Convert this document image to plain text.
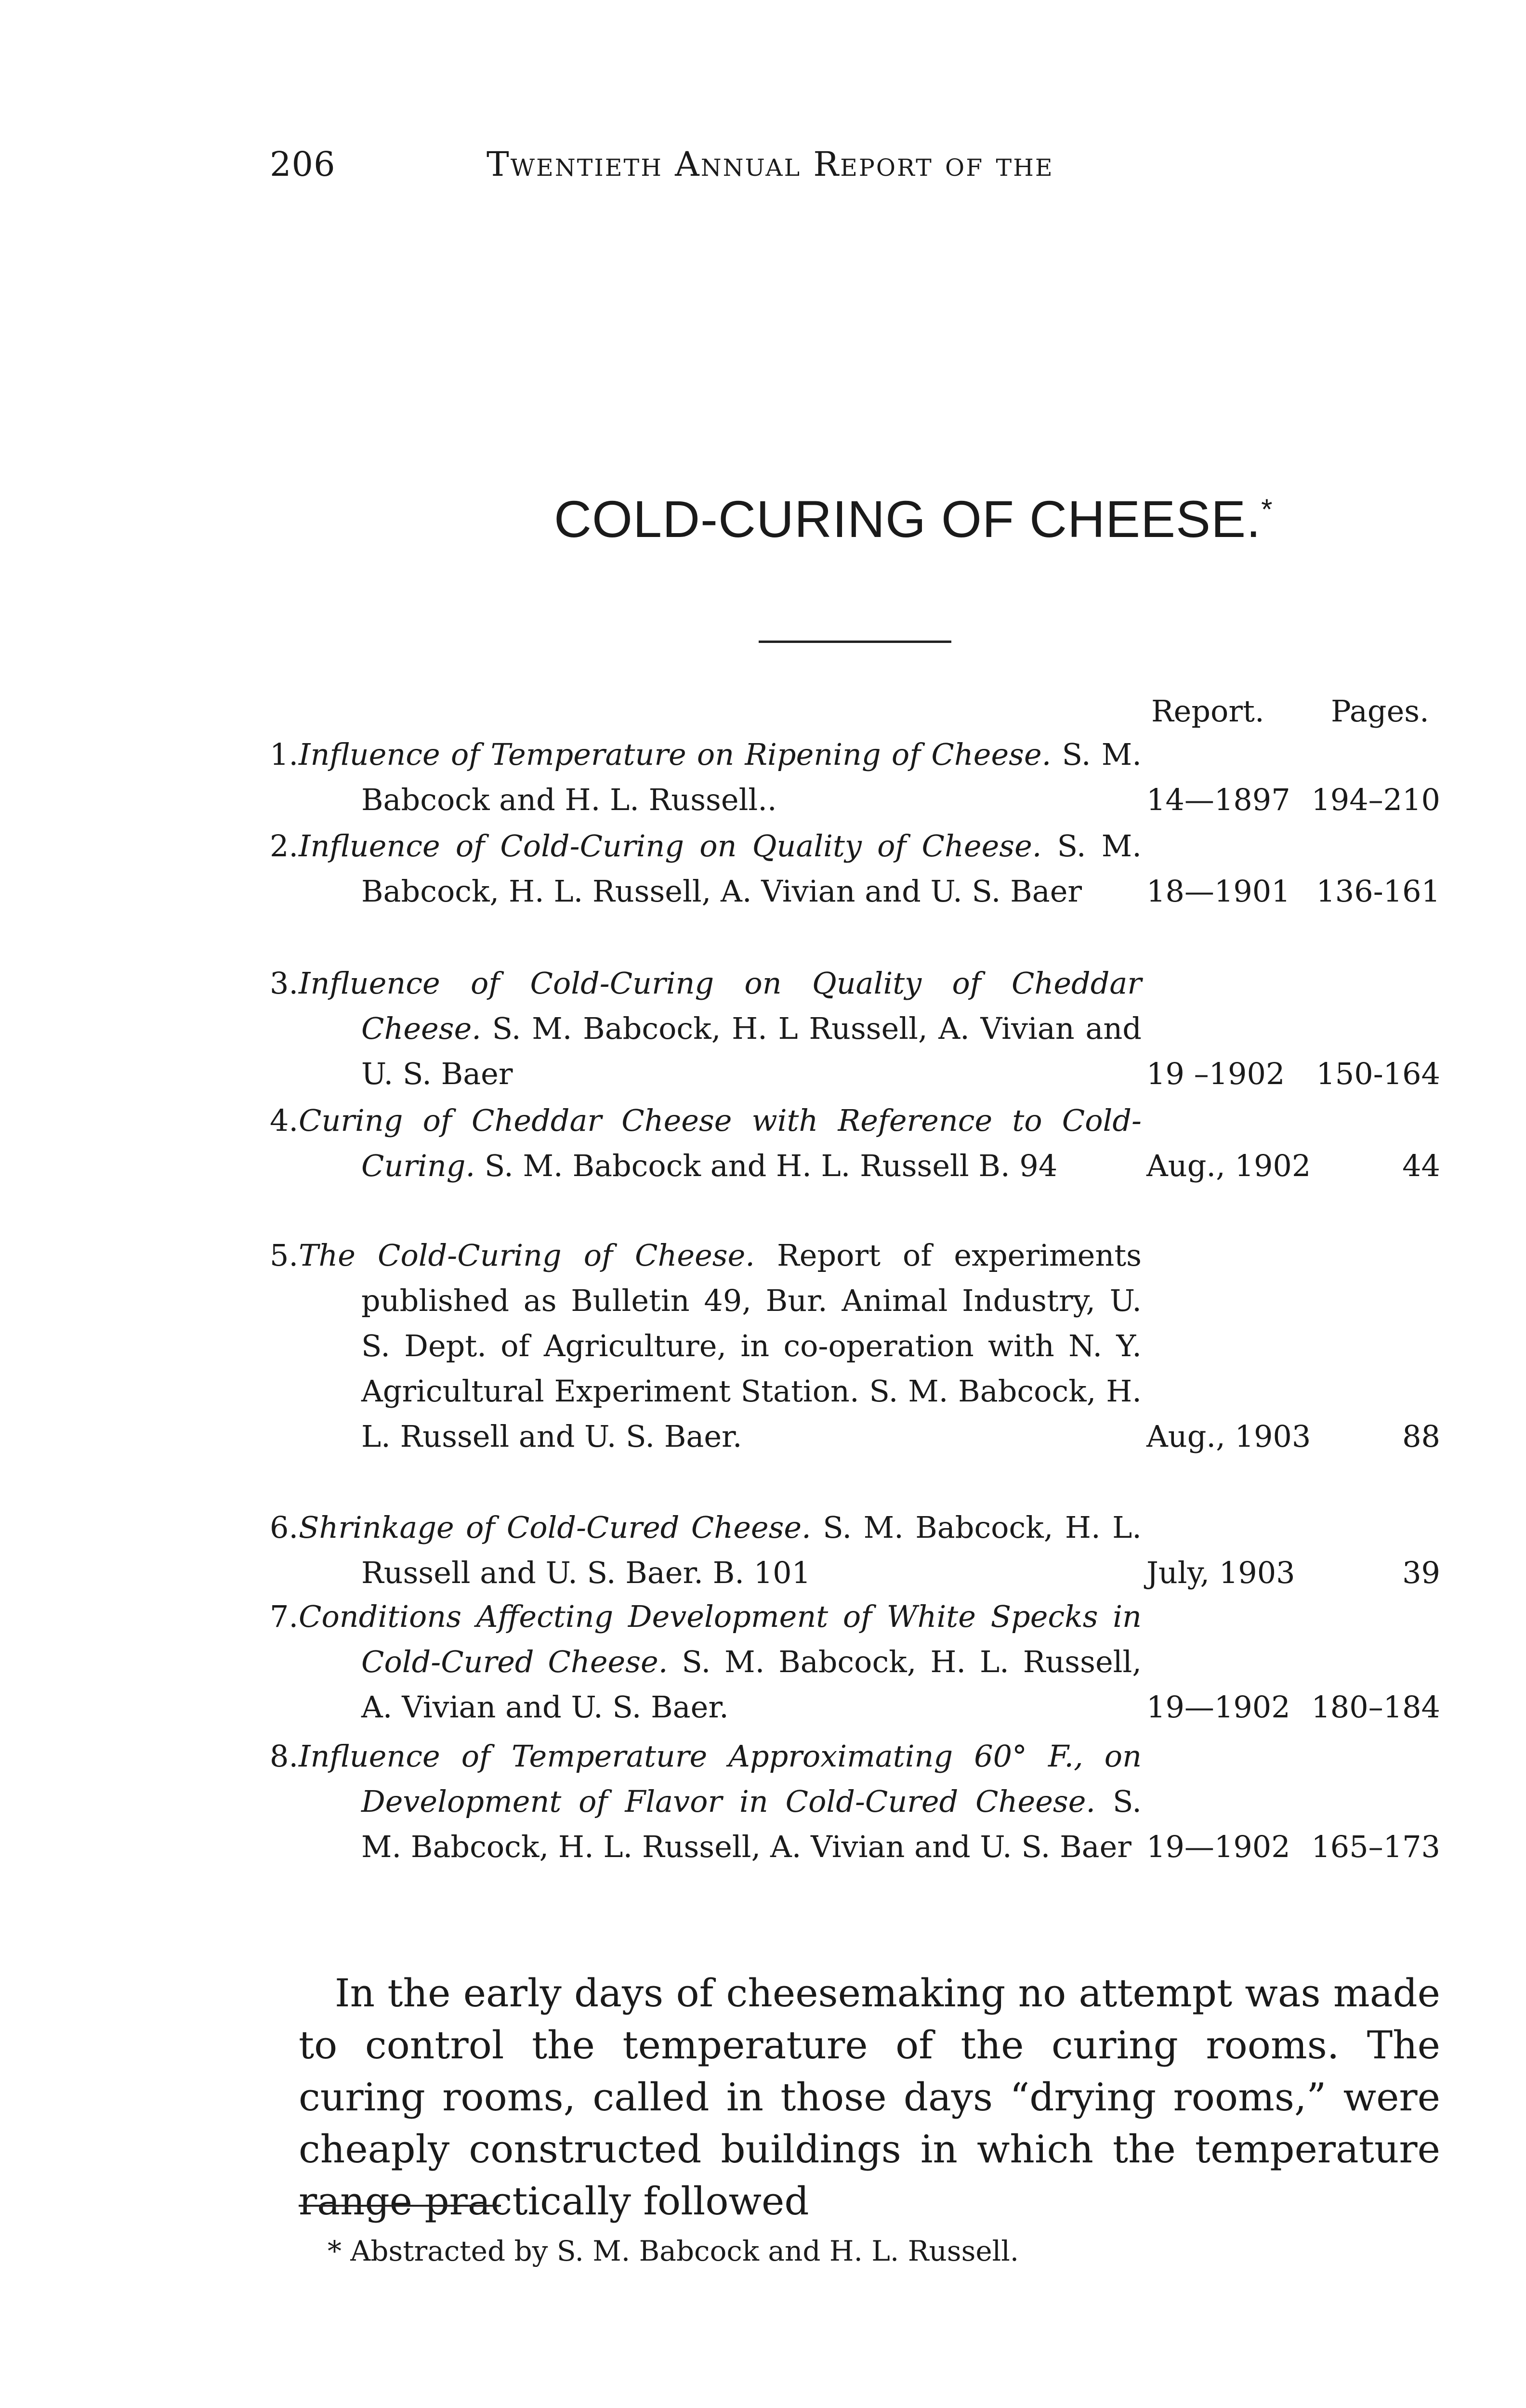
206	Twentieth Annual Report of the
COLD-CURING OF CHEESE.*
Report. Pages.
1. Influence of Temperature on Ripening of Cheese. S. M. Babcock and H. L. Russell..	14—1897 194–210
2. Influence of Cold-Curing on Quality of Cheese. S. M. Babcock, H. L. Russell, A. Vivian and U. S. Baer	18—1901 136-161
3. Influence of Cold-Curing on Quality of Cheddar Cheese. S. M. Babcock, H. L Russell, A. Vivian and U. S. Baer	19 –1902 150-164
4. Curing of Cheddar Cheese with Reference to Cold-Curing. S. M. Babcock and H. L. Russell B. 94	Aug., 1902	44
5. The Cold-Curing of Cheese. Report of experiments published as Bulletin 49, Bur. Animal Industry, U. S. Dept. of Agriculture, in co-operation with N. Y. Agricultural Experiment Station. S. M. Babcock, H. L. Russell and U. S. Baer.	Aug., 1903	88
6. Shrinkage of Cold-Cured Cheese. S. M. Babcock, H. L. Russell and U. S. Baer. B. 101	July, 1903	39
7. Conditions Affecting Development of White Specks in Cold-Cured Cheese. S. M. Babcock, H. L. Russell, A. Vivian and U. S. Baer.	19—1902 180–184
8. Influence of Temperature Approximating 60° F., on Development of Flavor in Cold-Cured Cheese. S. M. Babcock, H. L. Russell, A. Vivian and U. S. Baer 19—1902 165–173
In the early days of cheesemaking no attempt was made to control the temperature of the curing rooms. The curing rooms, called in those days “drying rooms,” were cheaply constructed buildings in which the temperature range practically followed
* Abstracted by S. M. Babcock and H. L. Russell.
